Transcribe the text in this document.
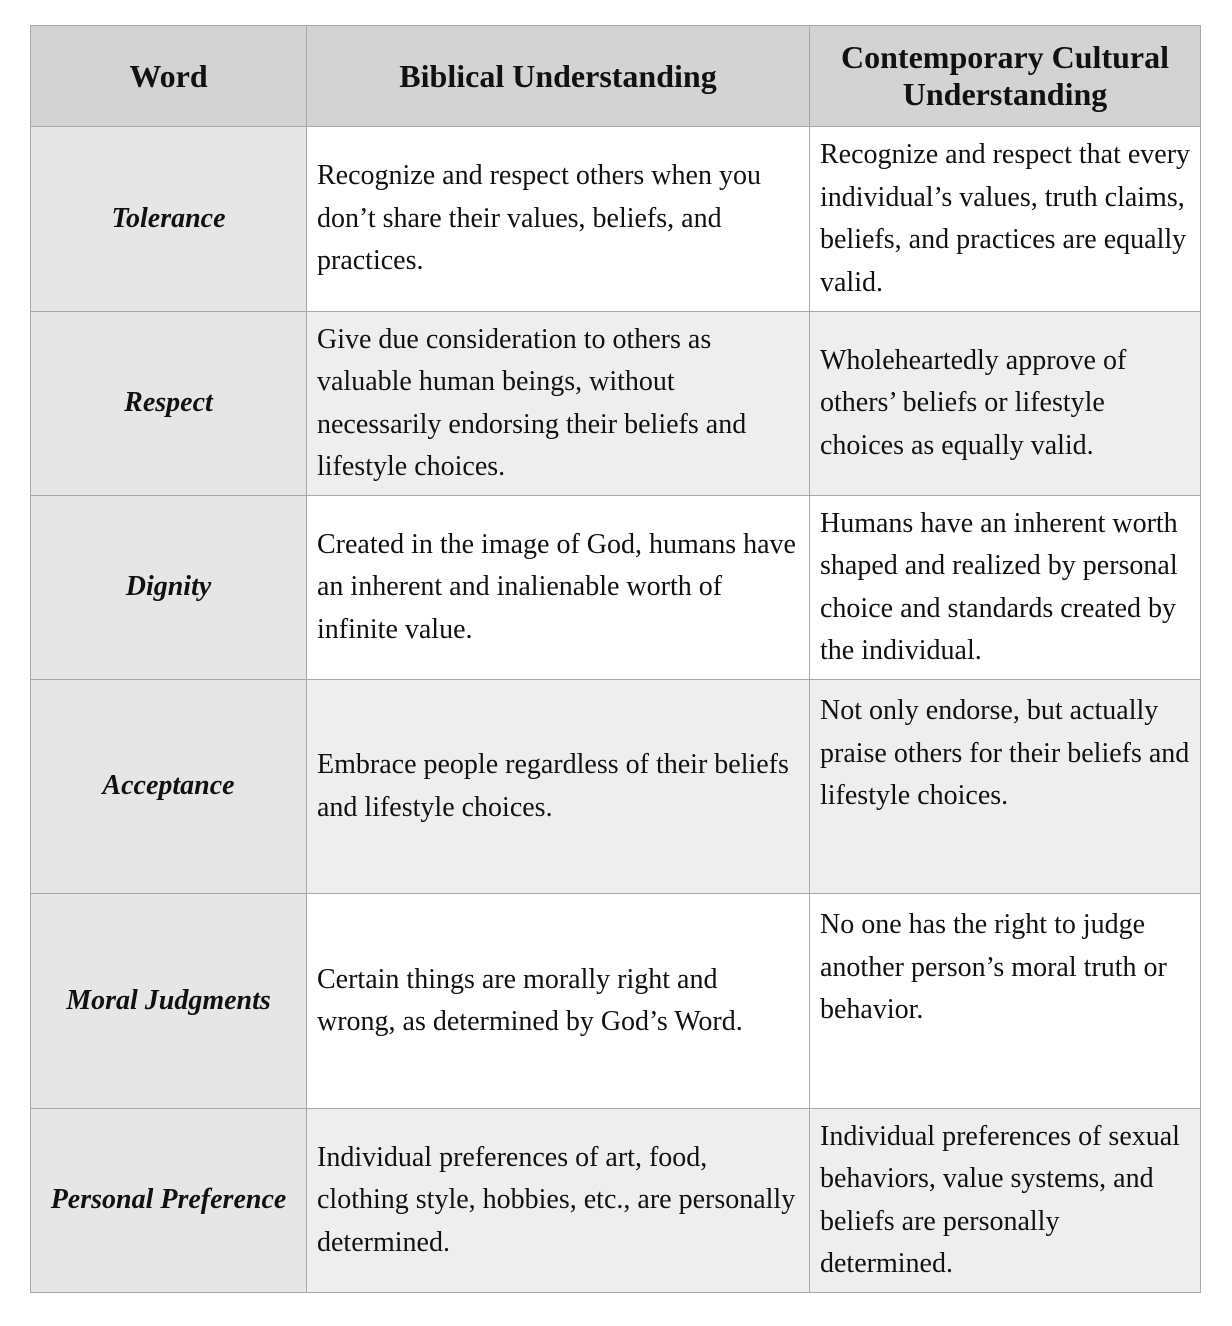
Word	Biblical Understanding	Contemporary Cultural Understanding
Tolerance	Recognize and respect others when you don’t share their values, beliefs, and practices.	Recognize and respect that every individual’s values, truth claims, beliefs, and practices are equally valid.
Respect	Give due consideration to others as valuable human beings, without necessarily endorsing their beliefs and lifestyle choices.	Wholeheartedly approve of others’ beliefs or lifestyle choices as equally valid.
Dignity	Created in the image of God, humans have an inherent and inalienable worth of infinite value.	Humans have an inherent worth shaped and realized by personal choice and standards created by the individual.
Acceptance	Embrace people regardless of their beliefs and lifestyle choices.	Not only endorse, but actually praise others for their beliefs and lifestyle choices.
Moral Judgments	Certain things are morally right and wrong, as determined by God’s Word.	No one has the right to judge another person’s moral truth or behavior.
Personal Preference	Individual preferences of art, food, clothing style, hobbies, etc., are personally determined.	Individual preferences of sexual behaviors, value systems, and beliefs are personally determined.
